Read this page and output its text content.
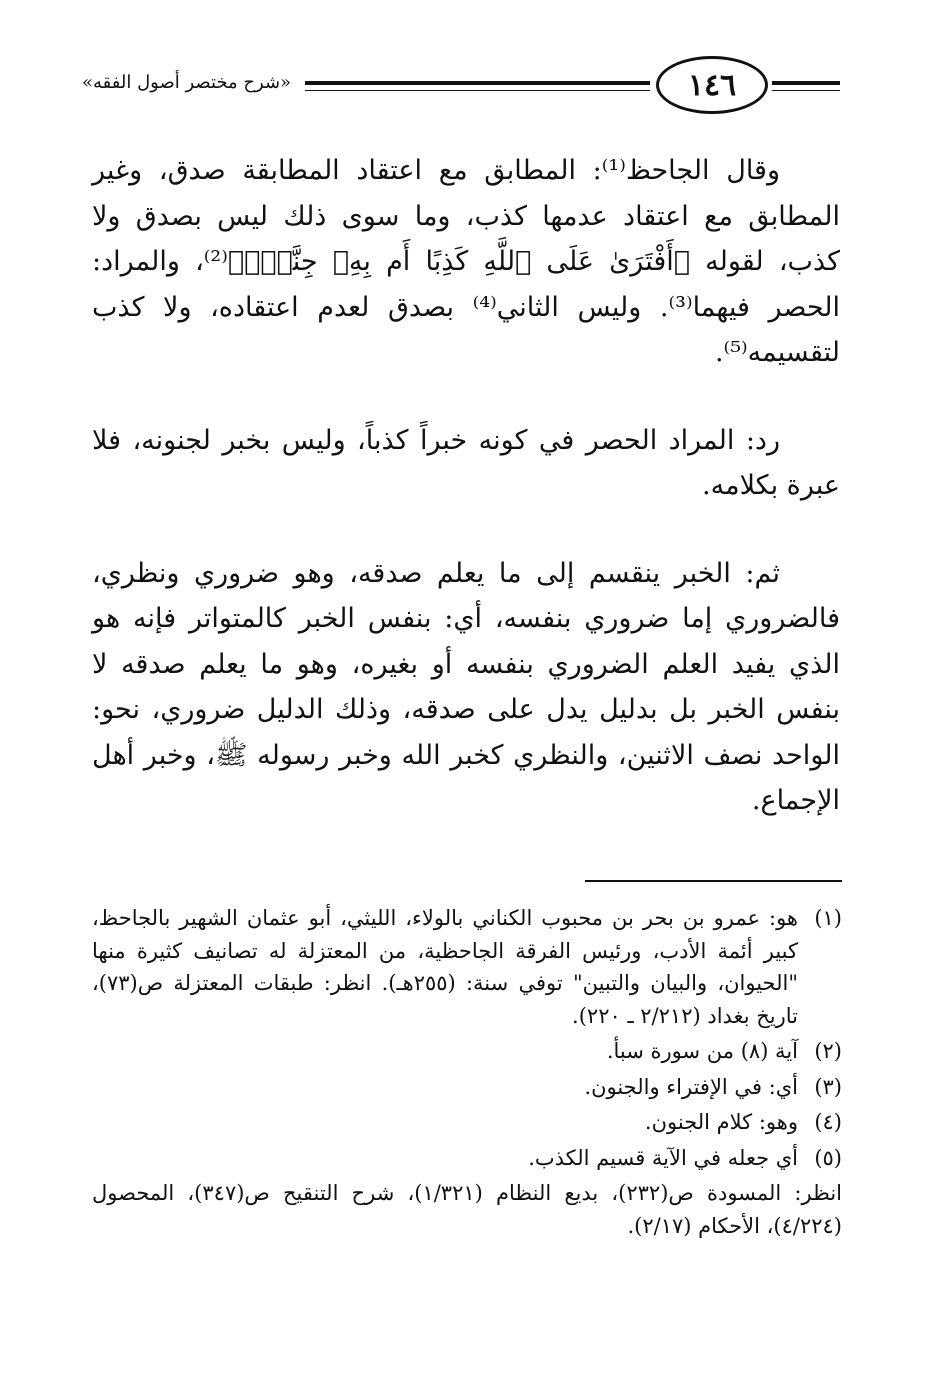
«شرح مختصر أصول الفقه»	١٤٦

وقال الجاحظ⁽¹⁾: المطابق مع اعتقاد المطابقة صدق، وغير المطابق مع اعتقاد عدمها كذب، وما سوى ذلك ليس بصدق ولا كذب، لقوله ﴿أَفْتَرَىٰ عَلَى ٱللَّهِ كَذِبًا أَم بِهِۦ جِنَّةٌۢ﴾⁽²⁾، والمراد: الحصر فيهما⁽³⁾. وليس الثاني⁽⁴⁾ بصدق لعدم اعتقاده، ولا كذب لتقسيمه⁽⁵⁾.

رد: المراد الحصر في كونه خبراً كذباً، وليس بخبر لجنونه، فلا عبرة بكلامه.

ثم: الخبر ينقسم إلى ما يعلم صدقه، وهو ضروري ونظري، فالضروري إما ضروري بنفسه، أي: بنفس الخبر كالمتواتر فإنه هو الذي يفيد العلم الضروري بنفسه أو بغيره، وهو ما يعلم صدقه لا بنفس الخبر بل بدليل يدل على صدقه، وذلك الدليل ضروري، نحو: الواحد نصف الاثنين، والنظري كخبر الله وخبر رسوله ﷺ، وخبر أهل الإجماع.

(١)
هو: عمرو بن بحر بن محبوب الكناني بالولاء، الليثي، أبو عثمان الشهير بالجاحظ، كبير أئمة الأدب، ورئيس الفرقة الجاحظية، من المعتزلة له تصانيف كثيرة منها "الحيوان، والبيان والتبين" توفي سنة: (٢٥٥هـ). انظر: طبقات المعتزلة ص(٧٣)، تاريخ بغداد (٢/٢١٢ ـ ٢٢٠).
(٢)
آية (٨) من سورة سبأ.
(٣)
أي: في الإفتراء والجنون.
(٤)
وهو: كلام الجنون.
(٥)
أي جعله في الآية قسيم الكذب.
انظر: المسودة ص(٢٣٢)، بديع النظام (١/٣٢١)، شرح التنقيح ص(٣٤٧)، المحصول (٤/٢٢٤)، الأحكام (٢/١٧).
